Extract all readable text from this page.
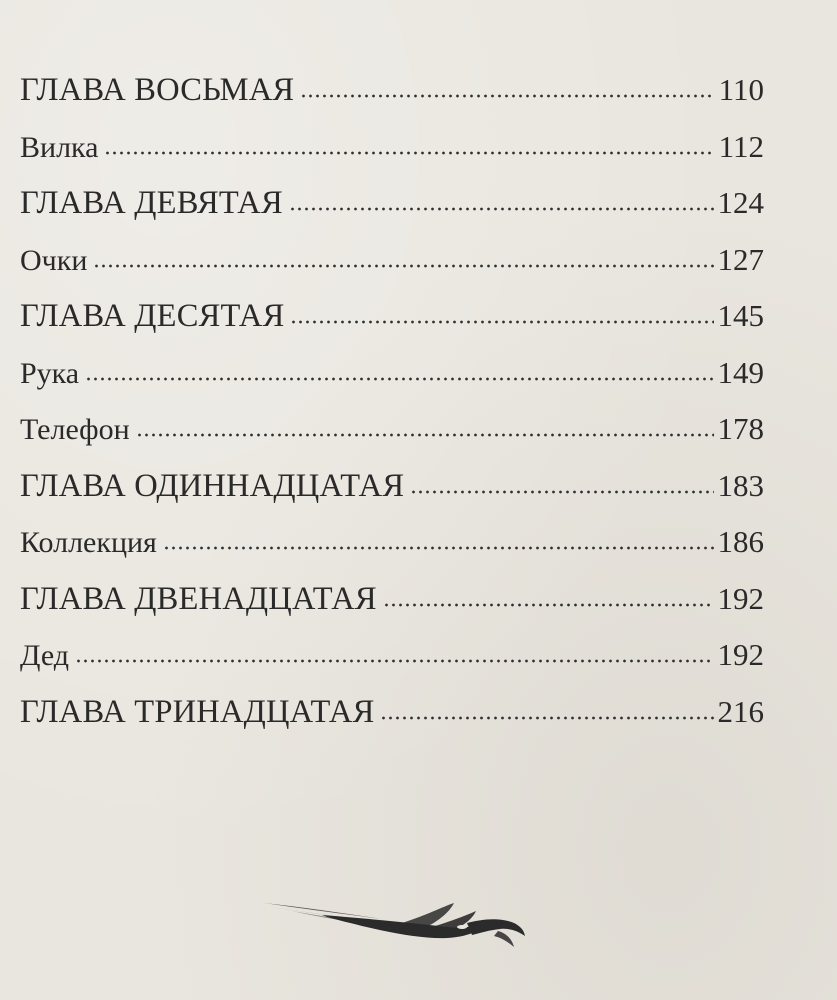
ГЛАВА ВОСЬМАЯ	110
Вилка	112
ГЛАВА ДЕВЯТАЯ	124
Очки	127
ГЛАВА ДЕСЯТАЯ	145
Рука	149
Телефон	178
ГЛАВА ОДИННАДЦАТАЯ	183
Коллекция	186
ГЛАВА ДВЕНАДЦАТАЯ	192
Дед	192
ГЛАВА ТРИНАДЦАТАЯ	216
